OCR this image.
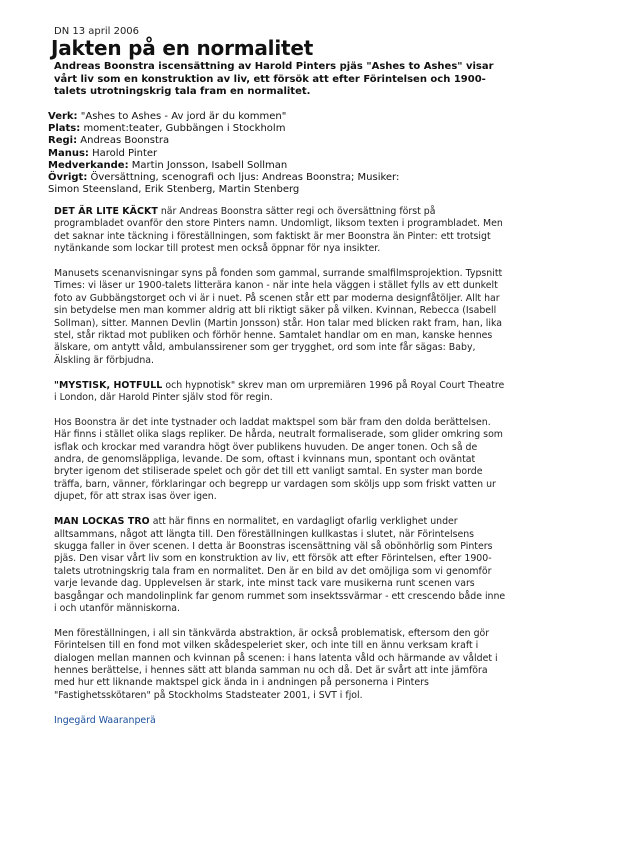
DN 13 april 2006
Jakten på en normalitet

Andreas Boonstra iscensättning av Harold Pinters pjäs "Ashes to Ashes" visar vårt liv som en konstruktion av liv, ett försök att efter Förintelsen och 1900-talets utrotningskrig tala fram en normalitet.

Verk: "Ashes to Ashes - Av jord är du kommen"
Plats: moment:teater, Gubbängen i Stockholm
Regi: Andreas Boonstra
Manus: Harold Pinter
Medverkande: Martin Jonsson, Isabell Sollman
Övrigt: Översättning, scenografi och ljus: Andreas Boonstra; Musiker: Simon Steensland, Erik Stenberg, Martin Stenberg

DET ÄR LITE KÄCKT när Andreas Boonstra sätter regi och översättning först på programbladet ovanför den store Pinters namn. Undomligt, liksom texten i programbladet. Men det saknar inte täckning i föreställningen, som faktiskt är mer Boonstra än Pinter: ett trotsigt nytänkande som lockar till protest men också öppnar för nya insikter.

Manusets scenanvisningar syns på fonden som gammal, surrande smalfilmsprojektion. Typsnitt Times: vi läser ur 1900-talets litterära kanon - när inte hela väggen i stället fylls av ett dunkelt foto av Gubbängstorget och vi är i nuet. På scenen står ett par moderna designfåtöljer. Allt har sin betydelse men man kommer aldrig att bli riktigt säker på vilken. Kvinnan, Rebecca (Isabell Sollman), sitter. Mannen Devlin (Martin Jonsson) står. Hon talar med blicken rakt fram, han, lika stel, står riktad mot publiken och förhör henne. Samtalet handlar om en man, kanske hennes älskare, om antytt våld, ambulanssirener som ger trygghet, ord som inte får sägas: Baby, Älskling är förbjudna.

"MYSTISK, HOTFULL och hypnotisk" skrev man om urpremiären 1996 på Royal Court Theatre i London, där Harold Pinter själv stod för regin.

Hos Boonstra är det inte tystnader och laddat maktspel som bär fram den dolda berättelsen. Här finns i stället olika slags repliker. De hårda, neutralt formaliserade, som glider omkring som isflak och krockar med varandra högt över publikens huvuden. De anger tonen. Och så de andra, de genomsläppliga, levande. De som, oftast i kvinnans mun, spontant och oväntat bryter igenom det stiliserade spelet och gör det till ett vanligt samtal. En syster man borde träffa, barn, vänner, förklaringar och begrepp ur vardagen som sköljs upp som friskt vatten ur djupet, för att strax isas över igen.

MAN LOCKAS TRO att här finns en normalitet, en vardagligt ofarlig verklighet under alltsammans, något att längta till. Den föreställningen kullkastas i slutet, när Förintelsens skugga faller in över scenen. I detta är Boonstras iscensättning väl så obönhörlig som Pinters pjäs. Den visar vårt liv som en konstruktion av liv, ett försök att efter Förintelsen, efter 1900-talets utrotningskrig tala fram en normalitet. Den är en bild av det omöjliga som vi genomför varje levande dag. Upplevelsen är stark, inte minst tack vare musikerna runt scenen vars basgångar och mandolinplink far genom rummet som insektssvärmar - ett crescendo både inne i och utanför människorna.

Men föreställningen, i all sin tänkvärda abstraktion, är också problematisk, eftersom den gör Förintelsen till en fond mot vilken skådespeleriet sker, och inte till en ännu verksam kraft i dialogen mellan mannen och kvinnan på scenen: i hans latenta våld och härmande av våldet i hennes berättelse, i hennes sätt att blanda samman nu och då. Det är svårt att inte jämföra med hur ett liknande maktspel gick ända in i andningen på personerna i Pinters "Fastighetsskötaren" på Stockholms Stadsteater 2001, i SVT i fjol.

Ingegärd Waaranperä
